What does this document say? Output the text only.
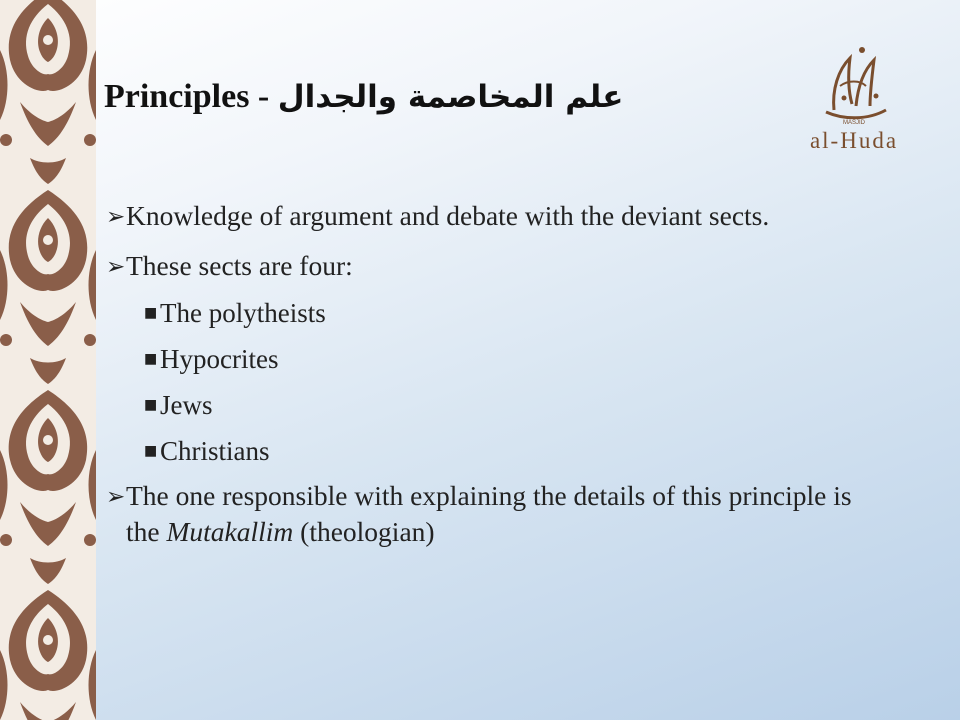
Principles - علم المخاصمة والجدال
MASJID
al-Huda
➢ Knowledge of argument and debate with the deviant sects.
➢ These sects are four:
■ The polytheists
■ Hypocrites
■ Jews
■ Christians
➢ The one responsible with explaining the details of this principle is the Mutakallim (theologian)
